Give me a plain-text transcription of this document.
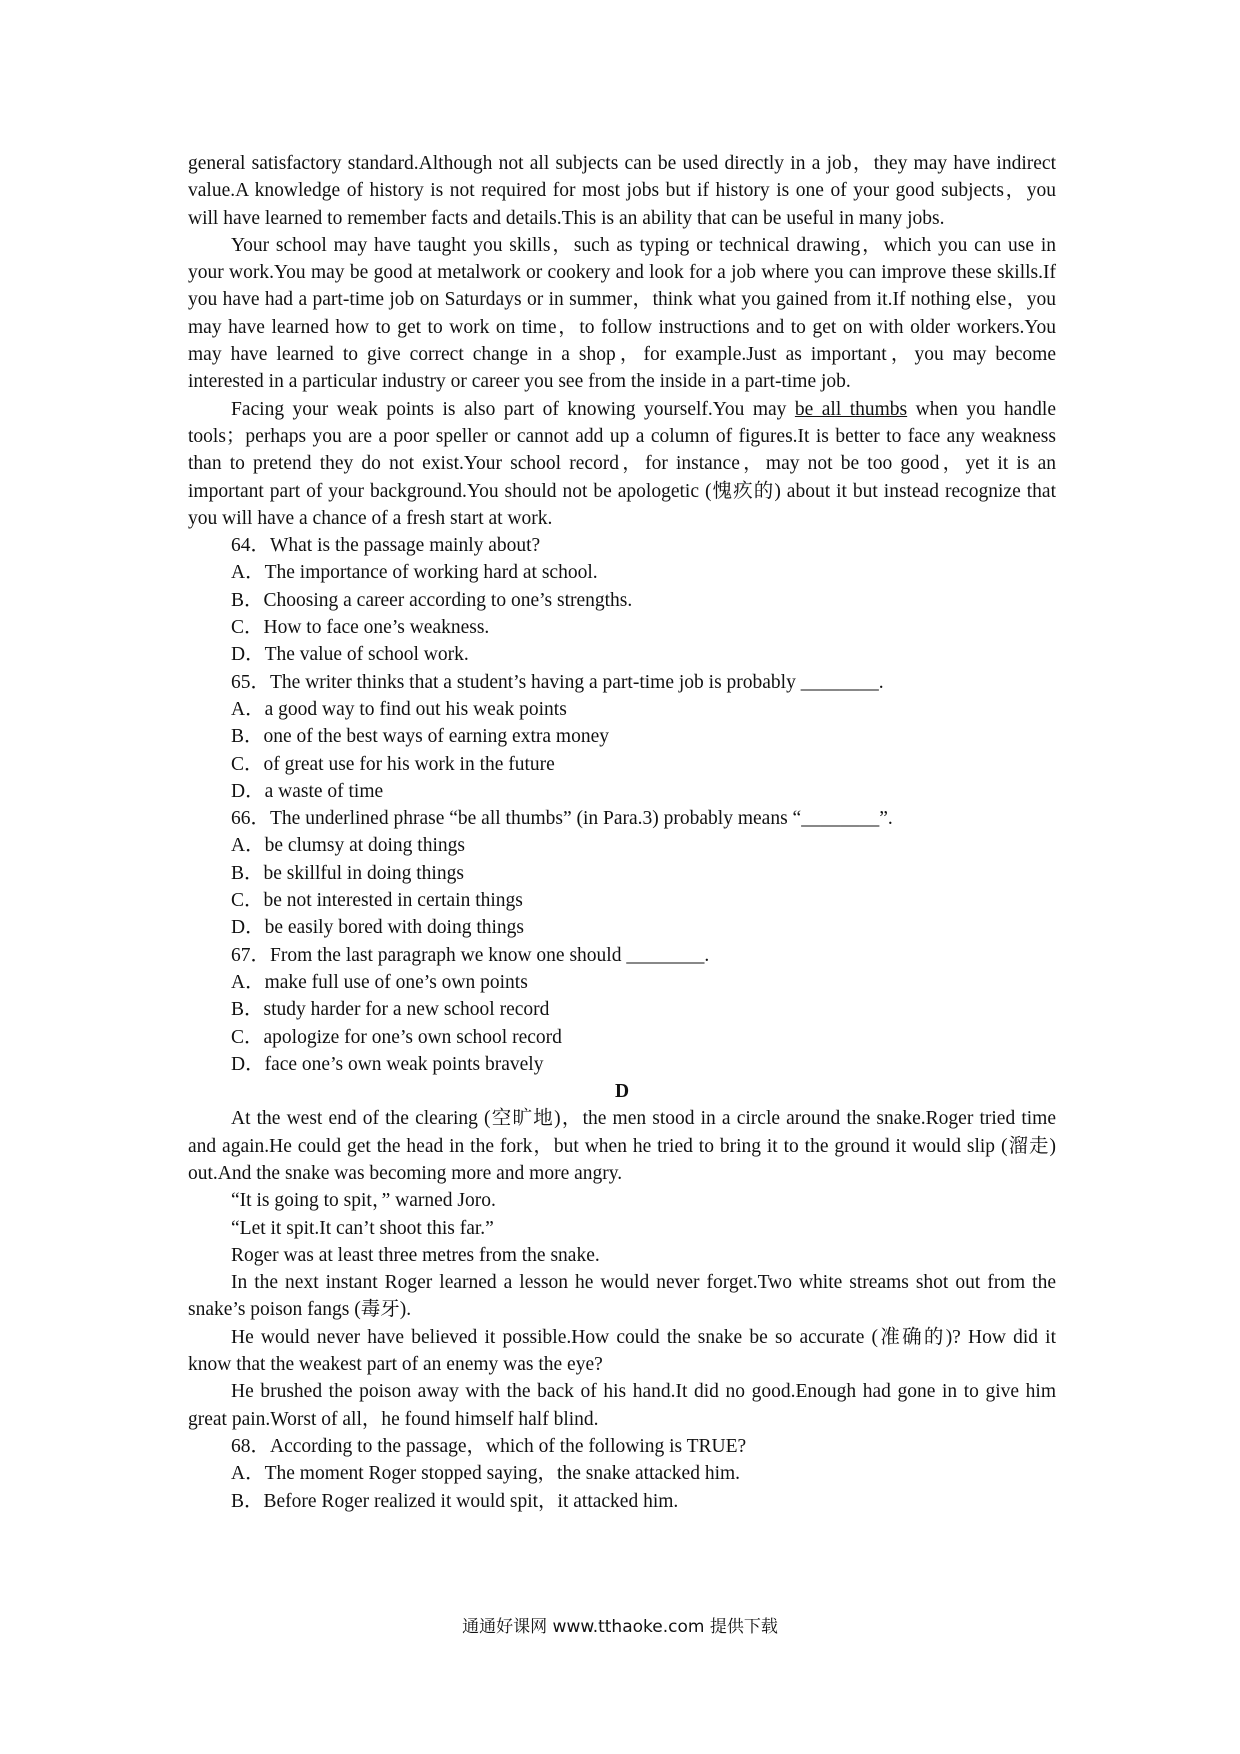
general satisfactory standard.Although not all subjects can be used directly in a job，they may have indirect value.A knowledge of history is not required for most jobs but if history is one of your good subjects，you will have learned to remember facts and details.This is an ability that can be useful in many jobs.

Your school may have taught you skills，such as typing or technical drawing，which you can use in your work.You may be good at metalwork or cookery and look for a job where you can improve these skills.If you have had a part-time job on Saturdays or in summer，think what you gained from it.If nothing else，you may have learned how to get to work on time，to follow instructions and to get on with older workers.You may have learned to give correct change in a shop，for example.Just as important，you may become interested in a particular industry or career you see from the inside in a part-time job.

Facing your weak points is also part of knowing yourself.You may be all thumbs when you handle tools；perhaps you are a poor speller or cannot add up a column of figures.It is better to face any weakness than to pretend they do not exist.Your school record，for instance，may not be too good，yet it is an important part of your background.You should not be apologetic (愧疚的) about it but instead recognize that you will have a chance of a fresh start at work.

64．What is the passage mainly about?

A．The importance of working hard at school.

B．Choosing a career according to one’s strengths.

C．How to face one’s weakness.

D．The value of school work.

65．The writer thinks that a student’s having a part-time job is probably ________.

A．a good way to find out his weak points

B．one of the best ways of earning extra money

C．of great use for his work in the future

D．a waste of time

66．The underlined phrase “be all thumbs” (in Para.3) probably means “________”.

A．be clumsy at doing things

B．be skillful in doing things

C．be not interested in certain things

D．be easily bored with doing things

67．From the last paragraph we know one should ________.

A．make full use of one’s own points

B．study harder for a new school record

C．apologize for one’s own school record

D．face one’s own weak points bravely

D

At the west end of the clearing (空旷地)，the men stood in a circle around the snake.Roger tried time and again.He could get the head in the fork，but when he tried to bring it to the ground it would slip (溜走) out.And the snake was becoming more and more angry.

“It is going to spit，” warned Joro.

“Let it spit.It can’t shoot this far.”

Roger was at least three metres from the snake.

In the next instant Roger learned a lesson he would never forget.Two white streams shot out from the snake’s poison fangs (毒牙).

He would never have believed it possible.How could the snake be so accurate (准确的)? How did it know that the weakest part of an enemy was the eye?

He brushed the poison away with the back of his hand.It did no good.Enough had gone in to give him great pain.Worst of all，he found himself half blind.

68．According to the passage，which of the following is TRUE?

A．The moment Roger stopped saying，the snake attacked him.

B．Before Roger realized it would spit，it attacked him.

通通好课网 www.tthaoke.com 提供下载
